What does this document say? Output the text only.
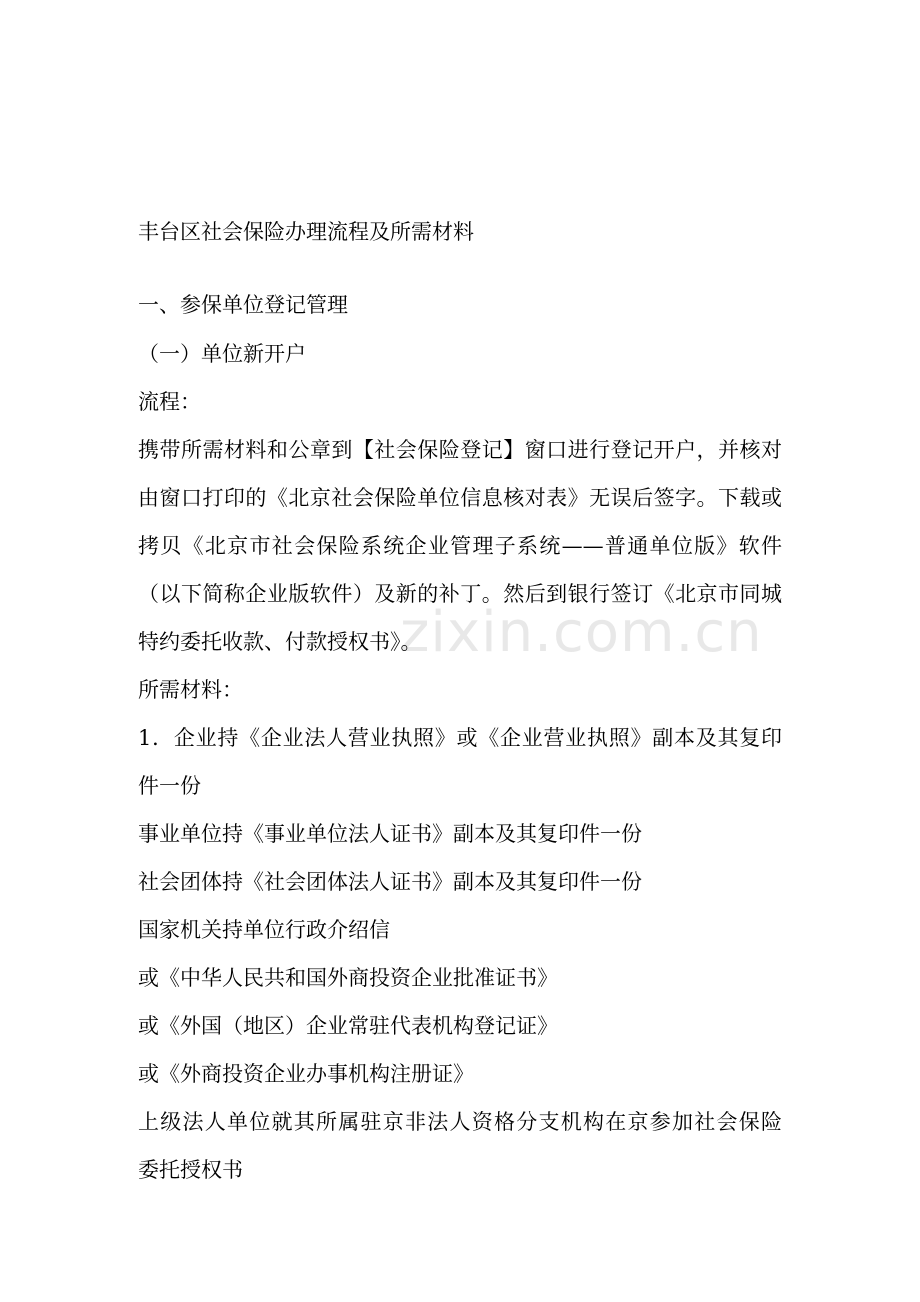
zixin.com.cn
丰台区社会保险办理流程及所需材料
一、参保单位登记管理
（一）单位新开户
流程：
携带所需材料和公章到【社会保险登记】窗口进行登记开户，并核对
由窗口打印的《北京社会保险单位信息核对表》无误后签字。下载或
拷贝《北京市社会保险系统企业管理子系统——普通单位版》软件
（以下简称企业版软件）及新的补丁。然后到银行签订《北京市同城
特约委托收款、付款授权书》。
所需材料：
1．企业持《企业法人营业执照》或《企业营业执照》副本及其复印
件一份
事业单位持《事业单位法人证书》副本及其复印件一份
社会团体持《社会团体法人证书》副本及其复印件一份
国家机关持单位行政介绍信
或《中华人民共和国外商投资企业批准证书》
或《外国（地区）企业常驻代表机构登记证》
或《外商投资企业办事机构注册证》
上级法人单位就其所属驻京非法人资格分支机构在京参加社会保险
委托授权书
